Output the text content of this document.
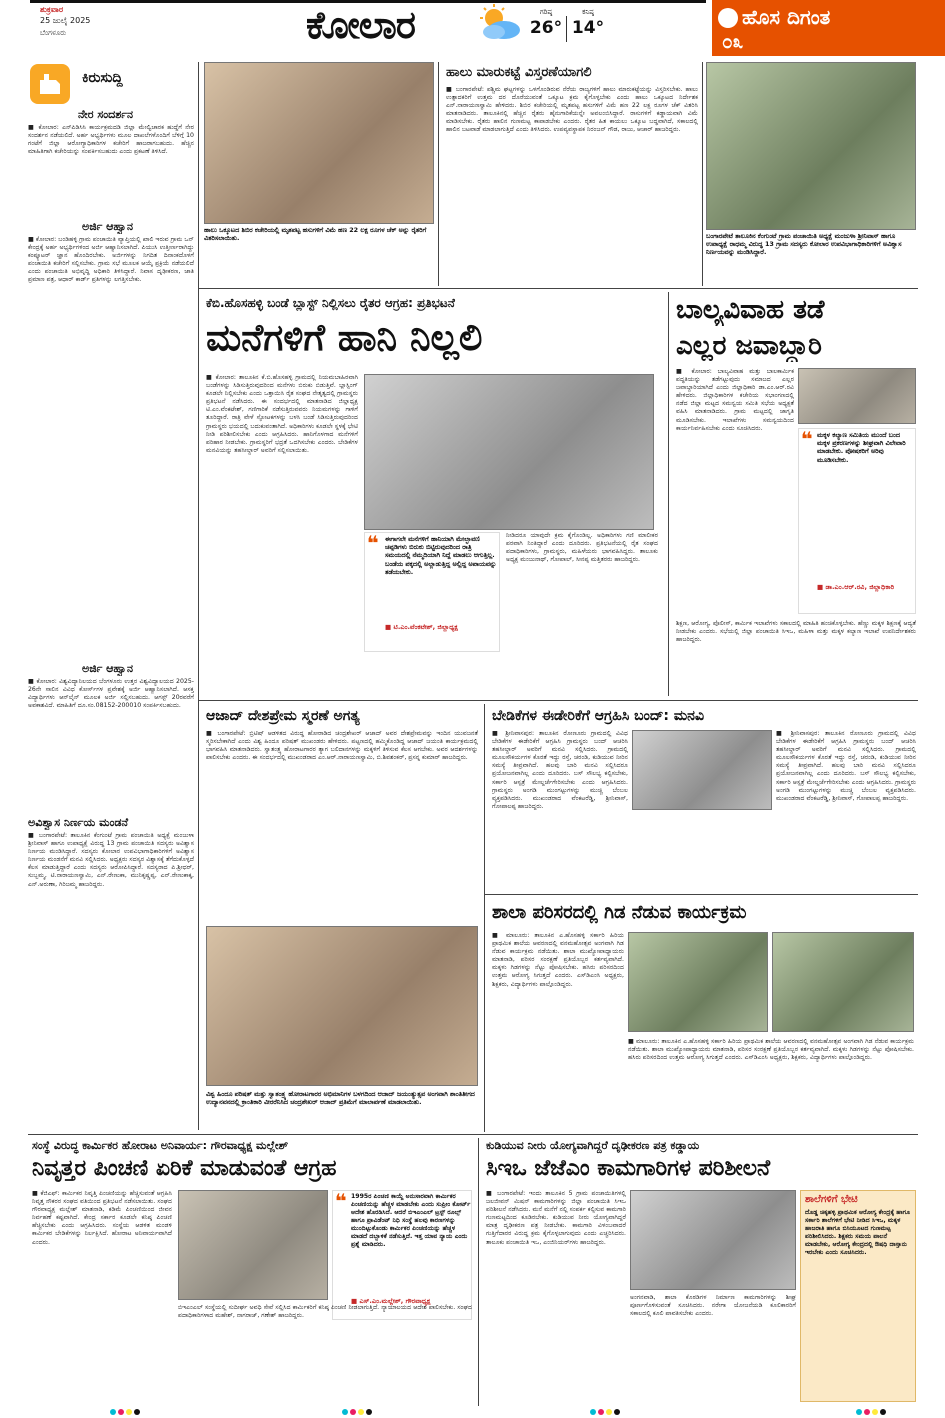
ಶುಕ್ರವಾರ
25 ಜುಲೈ 2025
ಬೆಂಗಳೂರು	ಕೋಲಾರ	ಗರಿಷ್ಠ
26°
ಕನಿಷ್ಠ
14°	ಹೊಸ ದಿಗಂತ
೦೩
ಕಿರುಸುದ್ದಿ
ನೇರ ಸಂದರ್ಶನ
■ ಕೋಲಾರ: ಎನ್‌ಪಿಡಿಸಿಸಿ ಕಾರ್ಯಕ್ರಮದಡಿ ಜಿಲ್ಲಾ ಮೇಲ್ವಿಚಾರಕ ಹುದ್ದೆಗೆ ನೇರ ಸಂದರ್ಶನ ನಡೆಯಲಿದೆ. ಅರ್ಹ ಅಭ್ಯರ್ಥಿಗಳು ಮೂಲ ದಾಖಲೆಗಳೊಂದಿಗೆ ಬೆಳಿಗ್ಗೆ 10 ಗಂಟೆಗೆ ಜಿಲ್ಲಾ ಆರೋಗ್ಯಾಧಿಕಾರಿಗಳ ಕಚೇರಿಗೆ ಹಾಜರಾಗಬಹುದು. ಹೆಚ್ಚಿನ ಮಾಹಿತಿಗಾಗಿ ಕಚೇರಿಯನ್ನು ಸಂಪರ್ಕಿಸಬಹುದು ಎಂದು ಪ್ರಕಟಣೆ ತಿಳಿಸಿದೆ.
ಅರ್ಜಿ ಆಹ್ವಾನ
■ ಕೋಲಾರ: ಬಂಡಿಹಳ್ಳಿ ಗ್ರಾಮ ಪಂಚಾಯಿತಿ ವ್ಯಾಪ್ತಿಯಲ್ಲಿ ಖಾಲಿ ಇರುವ ಗ್ರಾಮ ಒನ್ ಕೇಂದ್ರಕ್ಕೆ ಅರ್ಹ ಅಭ್ಯರ್ಥಿಗಳಿಂದ ಅರ್ಜಿ ಆಹ್ವಾನಿಸಲಾಗಿದೆ. ಪಿಯುಸಿ ಉತ್ತೀರ್ಣರಾಗಿದ್ದು ಕಂಪ್ಯೂಟರ್ ಜ್ಞಾನ ಹೊಂದಿರಬೇಕು. ಅರ್ಜಿಗಳನ್ನು ನಿಗದಿತ ದಿನಾಂಕದೊಳಗೆ ಪಂಚಾಯಿತಿ ಕಚೇರಿಗೆ ಸಲ್ಲಿಸಬೇಕು. ಗ್ರಾಮ ಸಭೆ ಮೂಲಕ ಆಯ್ಕೆ ಪ್ರಕ್ರಿಯೆ ನಡೆಯಲಿದೆ ಎಂದು ಪಂಚಾಯಿತಿ ಅಭಿವೃದ್ಧಿ ಅಧಿಕಾರಿ ತಿಳಿಸಿದ್ದಾರೆ. ನಿವಾಸ ದೃಢೀಕರಣ, ಜಾತಿ ಪ್ರಮಾಣ ಪತ್ರ, ಆಧಾರ್ ಕಾರ್ಡ್ ಪ್ರತಿಗಳನ್ನು ಲಗತ್ತಿಸಬೇಕು.
ಅರ್ಜಿ ಆಹ್ವಾನ
■ ಕೋಲಾರ: ವಿಶ್ವವಿದ್ಯಾನಿಲಯದ ಬೆಂಗಳೂರು ಉತ್ತರ ವಿಶ್ವವಿದ್ಯಾಲಯದ 2025-26ನೇ ಸಾಲಿನ ವಿವಿಧ ಕೋರ್ಸ್‌ಗಳ ಪ್ರವೇಶಕ್ಕೆ ಅರ್ಜಿ ಆಹ್ವಾನಿಸಲಾಗಿದೆ. ಆಸಕ್ತ ವಿದ್ಯಾರ್ಥಿಗಳು ಆನ್‌ಲೈನ್ ಮೂಲಕ ಅರ್ಜಿ ಸಲ್ಲಿಸಬಹುದು. ಆಗಸ್ಟ್ 20ರವರೆಗೆ ಅವಕಾಶವಿದೆ. ಮಾಹಿತಿಗೆ ದೂ.ಸಂ.08152-200010 ಸಂಪರ್ಕಿಸಬಹುದು.
ಅವಿಶ್ವಾಸ ನಿರ್ಣಯ ಮಂಡನೆ
■ ಬಂಗಾರಪೇಟೆ: ತಾಲೂಕಿನ ಕೆಂಗುಂಟೆ ಗ್ರಾಮ ಪಂಚಾಯಿತಿ ಅಧ್ಯಕ್ಷೆ ಮಂಜುಳಾ ಶ್ರೀನಿವಾಸ್ ಹಾಗೂ ಉಪಾಧ್ಯಕ್ಷೆ ವಿರುದ್ಧ 13 ಗ್ರಾಮ ಪಂಚಾಯಿತಿ ಸದಸ್ಯರು ಅವಿಶ್ವಾಸ ನಿರ್ಣಯ ಮಂಡಿಸಿದ್ದಾರೆ. ಸದಸ್ಯರು ಕೋಲಾರ ಉಪವಿಭಾಗಾಧಿಕಾರಿಗಳಿಗೆ ಅವಿಶ್ವಾಸ ನಿರ್ಣಯ ಮಂಡನೆಗೆ ಮನವಿ ಸಲ್ಲಿಸಿದರು. ಅಧ್ಯಕ್ಷರು ಸದಸ್ಯರ ವಿಶ್ವಾಸಕ್ಕೆ ತೆಗೆದುಕೊಳ್ಳದೆ ಕೆಲಸ ಮಾಡುತ್ತಿದ್ದಾರೆ ಎಂದು ಸದಸ್ಯರು ಆರೋಪಿಸಿದ್ದಾರೆ. ಸದಸ್ಯರಾದ ಪಿ.ಶ್ರೀಧರ್, ಸುಬ್ಬಮ್ಮ, ಟಿ.ನಾರಾಯಣಸ್ವಾಮಿ, ಎನ್.ರೇಣುಕಾ, ಮುನಿಕೃಷ್ಣಪ್ಪ, ಎನ್.ರೇಣುಕಾಕ್ಕ, ಎನ್.ಅರುಣಾ, ಗಿರಿಜಮ್ಮ ಹಾಜರಿದ್ದರು.
ಹಾಲು ಒಕ್ಕೂಟದ ಶಿಬಿರ ಕಚೇರಿಯಲ್ಲಿ ಮೃತಪಟ್ಟ ಹಸುಗಳಿಗೆ ವಿಮೆ ಹಣ 22 ಲಕ್ಷ ರೂಗಳ ಚೆಕ್ ಅನ್ನು ರೈತರಿಗೆ ವಿತರಿಸಲಾಯಿತು.
ಹಾಲು ಮಾರುಕಟ್ಟೆ ವಿಸ್ತರಣೆಯಾಗಲಿ
■ ಬಂಗಾರಪೇಟೆ: ಪಶ್ಚಿಮ ಘಟ್ಟಗಳನ್ನು ಒಳಗೊಂಡಿರುವ ನೆರೆಯ ರಾಜ್ಯಗಳಿಗೆ ಹಾಲು ಮಾರುಕಟ್ಟೆಯನ್ನು ವಿಸ್ತರಿಸಬೇಕು. ಹಾಲು ಉತ್ಪಾದಕರಿಗೆ ಉತ್ತಮ ದರ ದೊರೆಯುವಂತೆ ಒಕ್ಕೂಟ ಕ್ರಮ ಕೈಗೊಳ್ಳಬೇಕು ಎಂದು ಹಾಲು ಒಕ್ಕೂಟದ ನಿರ್ದೇಶಕ ಎನ್.ನಾರಾಯಣಸ್ವಾಮಿ ಹೇಳಿದರು. ಶಿಬಿರ ಕಚೇರಿಯಲ್ಲಿ ಮೃತಪಟ್ಟ ಹಸುಗಳಿಗೆ ವಿಮೆ ಹಣ 22 ಲಕ್ಷ ರೂಗಳ ಚೆಕ್ ವಿತರಿಸಿ ಮಾತನಾಡಿದರು. ತಾಲೂಕಿನಲ್ಲಿ ಹೆಚ್ಚಿನ ರೈತರು ಹೈನುಗಾರಿಕೆಯನ್ನೇ ಅವಲಂಬಿಸಿದ್ದಾರೆ. ರಾಸುಗಳಿಗೆ ಕಡ್ಡಾಯವಾಗಿ ವಿಮೆ ಮಾಡಿಸಬೇಕು. ರೈತರು ಹಾಲಿನ ಗುಣಮಟ್ಟ ಕಾಪಾಡಬೇಕು ಎಂದರು. ರೈತರ ಹಿತ ಕಾಯಲು ಒಕ್ಕೂಟ ಬದ್ಧವಾಗಿದೆ, ಸಕಾಲದಲ್ಲಿ ಹಾಲಿನ ಬಟವಾಡೆ ಮಾಡಲಾಗುತ್ತಿದೆ ಎಂದು ತಿಳಿಸಿದರು. ಉಪವ್ಯವಸ್ಥಾಪಕ ನಿರಂಜನ್ ಗೌಡ, ರಾಜು, ಆಚಾರ್ ಹಾಜರಿದ್ದರು.
ಬಂಗಾರಪೇಟೆ ತಾಲೂಕಿನ ಕೆಂಗುಂಟೆ ಗ್ರಾಮ ಪಂಚಾಯಿತಿ ಅಧ್ಯಕ್ಷೆ ಮಂಜುಳಾ ಶ್ರೀನಿವಾಸ್ ಹಾಗೂ ಉಪಾಧ್ಯಕ್ಷೆ ರಾಧಮ್ಮ ವಿರುದ್ಧ 13 ಗ್ರಾಮ ಸದಸ್ಯರು ಕೋಲಾರ ಉಪವಿಭಾಗಾಧಿಕಾರಿಗಳಿಗೆ ಅವಿಶ್ವಾಸ ನಿರ್ಣಯವನ್ನು ಮಂಡಿಸಿದ್ದಾರೆ.
ಕೆಬಿ.ಹೊಸಹಳ್ಳಿ ಬಂಡೆ ಬ್ಲಾಸ್ಟ್ ನಿಲ್ಲಿಸಲು ರೈತರ ಆಗ್ರಹ: ಪ್ರತಿಭಟನೆ
ಮನೆಗಳಿಗೆ ಹಾನಿ ನಿಲ್ಲಲಿ
■ ಕೋಲಾರ: ತಾಲೂಕಿನ ಕೆ.ಬಿ.ಹೊಸಹಳ್ಳಿ ಗ್ರಾಮದಲ್ಲಿ ನಿಯಮಬಾಹಿರವಾಗಿ ಬಂಡೆಗಳನ್ನು ಸಿಡಿಸುತ್ತಿರುವುದರಿಂದ ಮನೆಗಳು ಬಿರುಕು ಬಿಡುತ್ತಿವೆ. ಬ್ಲಾಸ್ಟಿಂಗ್ ಕೂಡಲೇ ನಿಲ್ಲಿಸಬೇಕು ಎಂದು ಒತ್ತಾಯಿಸಿ ರೈತ ಸಂಘದ ನೇತೃತ್ವದಲ್ಲಿ ಗ್ರಾಮಸ್ಥರು ಪ್ರತಿಭಟನೆ ನಡೆಸಿದರು. ಈ ಸಂದರ್ಭದಲ್ಲಿ ಮಾತನಾಡಿದ ಜಿಲ್ಲಾಧ್ಯಕ್ಷ ಟಿ.ಎಂ.ವೆಂಕಟೇಶ್, ಗಣಿಗಾರಿಕೆ ನಡೆಸುತ್ತಿರುವವರು ನಿಯಮಗಳನ್ನು ಗಾಳಿಗೆ ತೂರಿದ್ದಾರೆ. ರಾತ್ರಿ ವೇಳೆ ಸ್ಫೋಟಕಗಳನ್ನು ಬಳಸಿ ಬಂಡೆ ಸಿಡಿಸುತ್ತಿರುವುದರಿಂದ ಗ್ರಾಮಸ್ಥರು ಭಯದಲ್ಲಿ ಬದುಕುವಂತಾಗಿದೆ. ಅಧಿಕಾರಿಗಳು ಕೂಡಲೇ ಸ್ಥಳಕ್ಕೆ ಭೇಟಿ ನೀಡಿ ಪರಿಶೀಲಿಸಬೇಕು ಎಂದು ಆಗ್ರಹಿಸಿದರು. ಹಾನಿಗೊಳಗಾದ ಮನೆಗಳಿಗೆ ಪರಿಹಾರ ನೀಡಬೇಕು. ಗ್ರಾಮಸ್ಥರಿಗೆ ಭದ್ರತೆ ಒದಗಿಸಬೇಕು ಎಂದರು. ಬೇಡಿಕೆಗಳ ಮನವಿಯನ್ನು ತಹಸೀಲ್ದಾರ್ ಅವರಿಗೆ ಸಲ್ಲಿಸಲಾಯಿತು.
❝ ಈಗಾಗಲೇ ಮನೆಗಳಿಗೆ ಹಾನಿಯಾಗಿ ಮೇಲ್ಛಾವಣಿ ಚಪ್ಪಡಿಗಳು ಬಿರುಕು ಬಿಟ್ಟಿರುವುದರಿಂದ ರಾತ್ರಿ ಸಮಯದಲ್ಲಿ ನೆಮ್ಮದಿಯಾಗಿ ನಿದ್ದೆ ಮಾಡಲು ಆಗುತ್ತಿಲ್ಲ. ಬಂಡೆಯ ಪಕ್ಕದಲ್ಲಿ ಅಲ್ಲಾಡುತ್ತಿದ್ದ ಅಲ್ಲಿದ್ದ ಅಪಾಯವನ್ನು ತಡೆಯಬೇಕು.
■ ಟಿ.ಎಂ.ವೆಂಕಟೇಶ್, ಜಿಲ್ಲಾಧ್ಯಕ್ಷ
ನೀಡಿದರೂ ಯಾವುದೇ ಕ್ರಮ ಕೈಗೊಂಡಿಲ್ಲ. ಅಧಿಕಾರಿಗಳು ಗಣಿ ಮಾಲೀಕರ ಪರವಾಗಿ ನಿಂತಿದ್ದಾರೆ ಎಂದು ದೂರಿದರು. ಪ್ರತಿಭಟನೆಯಲ್ಲಿ ರೈತ ಸಂಘದ ಪದಾಧಿಕಾರಿಗಳು, ಗ್ರಾಮಸ್ಥರು, ಮಹಿಳೆಯರು ಭಾಗವಹಿಸಿದ್ದರು. ತಾಲೂಕು ಅಧ್ಯಕ್ಷ ಮಂಜುನಾಥ್, ಗೋಪಾಲ್, ಸೀನಪ್ಪ ಮತ್ತಿತರರು ಹಾಜರಿದ್ದರು.
ಬಾಲ್ಯವಿವಾಹ ತಡೆ
ಎಲ್ಲರ ಜವಾಬ್ದಾರಿ
■ ಕೋಲಾರ: ಬಾಲ್ಯವಿವಾಹ ಮತ್ತು ಬಾಲಕಾರ್ಮಿಕ ಪದ್ಧತಿಯನ್ನು ತಡೆಗಟ್ಟುವುದು ಸಮಾಜದ ಎಲ್ಲರ ಜವಾಬ್ದಾರಿಯಾಗಿದೆ ಎಂದು ಜಿಲ್ಲಾಧಿಕಾರಿ ಡಾ.ಎಂ.ಆರ್.ರವಿ ಹೇಳಿದರು. ಜಿಲ್ಲಾಧಿಕಾರಿಗಳ ಕಚೇರಿಯ ಸಭಾಂಗಣದಲ್ಲಿ ನಡೆದ ಜಿಲ್ಲಾ ಮಟ್ಟದ ಸಮನ್ವಯ ಸಮಿತಿ ಸಭೆಯ ಅಧ್ಯಕ್ಷತೆ ವಹಿಸಿ ಮಾತನಾಡಿದರು. ಗ್ರಾಮ ಮಟ್ಟದಲ್ಲಿ ಜಾಗೃತಿ ಮೂಡಿಸಬೇಕು. ಇಲಾಖೆಗಳು ಸಮನ್ವಯದಿಂದ ಕಾರ್ಯನಿರ್ವಹಿಸಬೇಕು ಎಂದು ಸೂಚಿಸಿದರು.	❝ ಮಕ್ಕಳ ಕಲ್ಯಾಣ ಸಮಿತಿಯ ಮುಂದೆ ಬಂದ ಮಕ್ಕಳ ಪ್ರಕರಣಗಳನ್ನು ಶೀಘ್ರವಾಗಿ ವಿಲೇವಾರಿ ಮಾಡಬೇಕು. ಪೋಷಕರಿಗೆ ಅರಿವು ಮೂಡಿಸಬೇಕು.
■ ಡಾ.ಎಂ.ಆರ್.ರವಿ, ಜಿಲ್ಲಾಧಿಕಾರಿ
ಶಿಕ್ಷಣ, ಆರೋಗ್ಯ, ಪೊಲೀಸ್, ಕಾರ್ಮಿಕ ಇಲಾಖೆಗಳು ಸಕಾಲದಲ್ಲಿ ಮಾಹಿತಿ ಹಂಚಿಕೊಳ್ಳಬೇಕು. ಹೆಣ್ಣು ಮಕ್ಕಳ ಶಿಕ್ಷಣಕ್ಕೆ ಆದ್ಯತೆ ನೀಡಬೇಕು ಎಂದರು. ಸಭೆಯಲ್ಲಿ ಜಿಲ್ಲಾ ಪಂಚಾಯಿತಿ ಸಿಇಒ, ಮಹಿಳಾ ಮತ್ತು ಮಕ್ಕಳ ಕಲ್ಯಾಣ ಇಲಾಖೆ ಉಪನಿರ್ದೇಶಕರು ಹಾಜರಿದ್ದರು.
ಆಜಾದ್ ದೇಶಪ್ರೇಮ ಸ್ಮರಣೆ ಅಗತ್ಯ
■ ಬಂಗಾರಪೇಟೆ: ಬ್ರಿಟಿಷ್ ಆಡಳಿತದ ವಿರುದ್ಧ ಹೋರಾಡಿದ ಚಂದ್ರಶೇಖರ್ ಆಜಾದ್ ಅವರ ದೇಶಪ್ರೇಮವನ್ನು ಇಂದಿನ ಯುವಜನತೆ ಸ್ಮರಿಸಬೇಕಾಗಿದೆ ಎಂದು ವಿಶ್ವ ಹಿಂದೂ ಪರಿಷತ್ ಮುಖಂಡರು ಹೇಳಿದರು. ಪಟ್ಟಣದಲ್ಲಿ ಹಮ್ಮಿಕೊಂಡಿದ್ದ ಆಜಾದ್ ಜಯಂತಿ ಕಾರ್ಯಕ್ರಮದಲ್ಲಿ ಭಾಗವಹಿಸಿ ಮಾತನಾಡಿದರು. ಸ್ವಾತಂತ್ರ್ಯ ಹೋರಾಟಗಾರರ ತ್ಯಾಗ ಬಲಿದಾನಗಳನ್ನು ಮಕ್ಕಳಿಗೆ ತಿಳಿಸುವ ಕೆಲಸ ಆಗಬೇಕು. ಅವರ ಆದರ್ಶಗಳನ್ನು ಪಾಲಿಸಬೇಕು ಎಂದರು. ಈ ಸಂದರ್ಭದಲ್ಲಿ ಮುಖಂಡರಾದ ಎಂ.ಆರ್.ನಾರಾಯಣಸ್ವಾಮಿ, ಬಿ.ಶಿವಶಂಕರ್, ಪ್ರಸನ್ನ ಕುಮಾರ್ ಹಾಜರಿದ್ದರು.
ವಿಶ್ವ ಹಿಂದೂ ಪರಿಷತ್ ಮತ್ತು ಸ್ವಾತಂತ್ರ್ಯ ಹೋರಾಟಗಾರರ ಅಭಿಮಾನಿಗಳ ಬಳಗದಿಂದ ಆಜಾದ್ ಜಯಂತ್ಯುತ್ಸವ ಅಂಗವಾಗಿ ಶಾಂತಿತೀಗದ ಉದ್ಯಾನವನದಲ್ಲಿ ಕ್ರಾಂತಿಕಾರಿ ವೀರರೆನಿಸಿದ ಚಂದ್ರಶೇಖರ್ ಆಜಾದ್ ಪ್ರತಿಮೆಗೆ ಮಾಲಾರ್ಪಣೆ ಮಾಡಲಾಯಿತು.
ಬೇಡಿಕೆಗಳ ಈಡೇರಿಕೆಗೆ ಆಗ್ರಹಿಸಿ ಬಂದ್: ಮನವಿ
■ ಶ್ರೀನಿವಾಸಪುರ: ತಾಲೂಕಿನ ರೋಣೂರು ಗ್ರಾಮದಲ್ಲಿ ವಿವಿಧ ಬೇಡಿಕೆಗಳ ಈಡೇರಿಕೆಗೆ ಆಗ್ರಹಿಸಿ ಗ್ರಾಮಸ್ಥರು ಬಂದ್ ಆಚರಿಸಿ ತಹಸೀಲ್ದಾರ್ ಅವರಿಗೆ ಮನವಿ ಸಲ್ಲಿಸಿದರು. ಗ್ರಾಮದಲ್ಲಿ ಮೂಲಸೌಕರ್ಯಗಳ ಕೊರತೆ ಇದ್ದು ರಸ್ತೆ, ಚರಂಡಿ, ಕುಡಿಯುವ ನೀರಿನ ಸಮಸ್ಯೆ ತೀವ್ರವಾಗಿದೆ. ಹಲವು ಬಾರಿ ಮನವಿ ಸಲ್ಲಿಸಿದರೂ ಪ್ರಯೋಜನವಾಗಿಲ್ಲ ಎಂದು ದೂರಿದರು. ಬಸ್ ಸೌಲಭ್ಯ ಕಲ್ಪಿಸಬೇಕು, ಸರ್ಕಾರಿ ಆಸ್ಪತ್ರೆ ಮೇಲ್ದರ್ಜೆಗೇರಿಸಬೇಕು ಎಂದು ಆಗ್ರಹಿಸಿದರು. ಗ್ರಾಮಸ್ಥರು ಅಂಗಡಿ ಮುಂಗಟ್ಟುಗಳನ್ನು ಮುಚ್ಚಿ ಬೆಂಬಲ ವ್ಯಕ್ತಪಡಿಸಿದರು. ಮುಖಂಡರಾದ ವೆಂಕಟರೆಡ್ಡಿ, ಶ್ರೀನಿವಾಸ್, ಗೋಪಾಲಪ್ಪ ಹಾಜರಿದ್ದರು.
■ ಶ್ರೀನಿವಾಸಪುರ: ತಾಲೂಕಿನ ರೋಣೂರು ಗ್ರಾಮದಲ್ಲಿ ವಿವಿಧ ಬೇಡಿಕೆಗಳ ಈಡೇರಿಕೆಗೆ ಆಗ್ರಹಿಸಿ ಗ್ರಾಮಸ್ಥರು ಬಂದ್ ಆಚರಿಸಿ ತಹಸೀಲ್ದಾರ್ ಅವರಿಗೆ ಮನವಿ ಸಲ್ಲಿಸಿದರು. ಗ್ರಾಮದಲ್ಲಿ ಮೂಲಸೌಕರ್ಯಗಳ ಕೊರತೆ ಇದ್ದು ರಸ್ತೆ, ಚರಂಡಿ, ಕುಡಿಯುವ ನೀರಿನ ಸಮಸ್ಯೆ ತೀವ್ರವಾಗಿದೆ. ಹಲವು ಬಾರಿ ಮನವಿ ಸಲ್ಲಿಸಿದರೂ ಪ್ರಯೋಜನವಾಗಿಲ್ಲ ಎಂದು ದೂರಿದರು. ಬಸ್ ಸೌಲಭ್ಯ ಕಲ್ಪಿಸಬೇಕು, ಸರ್ಕಾರಿ ಆಸ್ಪತ್ರೆ ಮೇಲ್ದರ್ಜೆಗೇರಿಸಬೇಕು ಎಂದು ಆಗ್ರಹಿಸಿದರು. ಗ್ರಾಮಸ್ಥರು ಅಂಗಡಿ ಮುಂಗಟ್ಟುಗಳನ್ನು ಮುಚ್ಚಿ ಬೆಂಬಲ ವ್ಯಕ್ತಪಡಿಸಿದರು. ಮುಖಂಡರಾದ ವೆಂಕಟರೆಡ್ಡಿ, ಶ್ರೀನಿವಾಸ್, ಗೋಪಾಲಪ್ಪ ಹಾಜರಿದ್ದರು.
ಶಾಲಾ ಪರಿಸರದಲ್ಲಿ ಗಿಡ ನೆಡುವ ಕಾರ್ಯಕ್ರಮ
■ ಮಾಲೂರು: ತಾಲೂಕಿನ ಎ.ಹೊಸಹಳ್ಳಿ ಸರ್ಕಾರಿ ಹಿರಿಯ ಪ್ರಾಥಮಿಕ ಶಾಲೆಯ ಆವರಣದಲ್ಲಿ ವನಮಹೋತ್ಸವ ಅಂಗವಾಗಿ ಗಿಡ ನೆಡುವ ಕಾರ್ಯಕ್ರಮ ನಡೆಯಿತು. ಶಾಲಾ ಮುಖ್ಯೋಪಾಧ್ಯಾಯರು ಮಾತನಾಡಿ, ಪರಿಸರ ಸಂರಕ್ಷಣೆ ಪ್ರತಿಯೊಬ್ಬರ ಕರ್ತವ್ಯವಾಗಿದೆ. ಮಕ್ಕಳು ಗಿಡಗಳನ್ನು ನೆಟ್ಟು ಪೋಷಿಸಬೇಕು. ಹಸಿರು ಪರಿಸರದಿಂದ ಉತ್ತಮ ಆರೋಗ್ಯ ಸಿಗುತ್ತದೆ ಎಂದರು. ಎಸ್‌ಡಿಎಂಸಿ ಅಧ್ಯಕ್ಷರು, ಶಿಕ್ಷಕರು, ವಿದ್ಯಾರ್ಥಿಗಳು ಪಾಲ್ಗೊಂಡಿದ್ದರು.
■ ಮಾಲೂರು: ತಾಲೂಕಿನ ಎ.ಹೊಸಹಳ್ಳಿ ಸರ್ಕಾರಿ ಹಿರಿಯ ಪ್ರಾಥಮಿಕ ಶಾಲೆಯ ಆವರಣದಲ್ಲಿ ವನಮಹೋತ್ಸವ ಅಂಗವಾಗಿ ಗಿಡ ನೆಡುವ ಕಾರ್ಯಕ್ರಮ ನಡೆಯಿತು. ಶಾಲಾ ಮುಖ್ಯೋಪಾಧ್ಯಾಯರು ಮಾತನಾಡಿ, ಪರಿಸರ ಸಂರಕ್ಷಣೆ ಪ್ರತಿಯೊಬ್ಬರ ಕರ್ತವ್ಯವಾಗಿದೆ. ಮಕ್ಕಳು ಗಿಡಗಳನ್ನು ನೆಟ್ಟು ಪೋಷಿಸಬೇಕು. ಹಸಿರು ಪರಿಸರದಿಂದ ಉತ್ತಮ ಆರೋಗ್ಯ ಸಿಗುತ್ತದೆ ಎಂದರು. ಎಸ್‌ಡಿಎಂಸಿ ಅಧ್ಯಕ್ಷರು, ಶಿಕ್ಷಕರು, ವಿದ್ಯಾರ್ಥಿಗಳು ಪಾಲ್ಗೊಂಡಿದ್ದರು.
ಸಂಸ್ಥೆ ವಿರುದ್ಧ ಕಾರ್ಮಿಕರ ಹೋರಾಟ ಅನಿವಾರ್ಯ: ಗೌರವಾಧ್ಯಕ್ಷ ಮಲ್ಲೇಶ್
ನಿವೃತ್ತರ ಪಿಂಚಣಿ ಏರಿಕೆ ಮಾಡುವಂತೆ ಆಗ್ರಹ
■ ಕೆಜಿಎಫ್: ಕಾರ್ಮಿಕರ ನಿವೃತ್ತಿ ಪಿಂಚಣಿಯನ್ನು ಹೆಚ್ಚಿಸುವಂತೆ ಆಗ್ರಹಿಸಿ ನಿವೃತ್ತ ನೌಕರರ ಸಂಘದ ವತಿಯಿಂದ ಪ್ರತಿಭಟನೆ ನಡೆಸಲಾಯಿತು. ಸಂಘದ ಗೌರವಾಧ್ಯಕ್ಷ ಮಲ್ಲೇಶ್ ಮಾತನಾಡಿ, ಕಡಿಮೆ ಪಿಂಚಣಿಯಿಂದ ಜೀವನ ನಿರ್ವಹಣೆ ಕಷ್ಟವಾಗಿದೆ. ಕೇಂದ್ರ ಸರ್ಕಾರ ಕೂಡಲೇ ಕನಿಷ್ಠ ಪಿಂಚಣಿ ಹೆಚ್ಚಿಸಬೇಕು ಎಂದು ಆಗ್ರಹಿಸಿದರು. ಸಂಸ್ಥೆಯ ಆಡಳಿತ ಮಂಡಳಿ ಕಾರ್ಮಿಕರ ಬೇಡಿಕೆಗಳನ್ನು ನಿರ್ಲಕ್ಷಿಸಿದೆ. ಹೋರಾಟ ಅನಿವಾರ್ಯವಾಗಿದೆ ಎಂದರು.
❝ 1995ರ ಪಿಂಚಣಿ ಕಾಯ್ದೆ ಅನುಸಾರವಾಗಿ ಕಾರ್ಮಿಕರ ಪಿಂಚಣಿಯನ್ನು ಹೆಚ್ಚಳ ಮಾಡಬೇಕು ಎಂದು ಸುಪ್ರೀಂ ಕೋರ್ಟ್ ಆದೇಶ ಹೊರಡಿಸಿದೆ. ಆದರೆ ಬಿಇಎಂಎಲ್ ಟ್ರಸ್ಟ್ ರೂಲ್ಸ್ ಹಾಗೂ ಪ್ರಾವಿಡೆಂಟ್ ನಿಧಿ ಸಂಸ್ಥೆ ಹಲವು ಕಾರಣಗಳನ್ನು ಮುಂದಿಟ್ಟುಕೊಂಡು ಕಾರ್ಮಿಕರ ಪಿಂಚಣಿಯನ್ನು ಹೆಚ್ಚಳ ಮಾಡದೆ ದಬ್ಬಾಳಿಕೆ ನಡೆಸುತ್ತಿದೆ. ಇತ್ತ ಯಾವ ನ್ಯಾಯ ಎಂದು ಪ್ರಶ್ನೆ ಮಾಡಿದರು.
■ ಎಸ್.ಎಂ.ಮಲ್ಲೇಶ್, ಗೌರವಾಧ್ಯಕ್ಷ
ಬಿಇಎಂಎಲ್ ಸಂಸ್ಥೆಯಲ್ಲಿ ಸುದೀರ್ಘ ಅವಧಿ ಸೇವೆ ಸಲ್ಲಿಸಿದ ಕಾರ್ಮಿಕರಿಗೆ ಕನಿಷ್ಠ ಪಿಂಚಣಿ ನೀಡಲಾಗುತ್ತಿದೆ. ನ್ಯಾಯಾಲಯದ ಆದೇಶ ಪಾಲಿಸಬೇಕು. ಸಂಘದ ಪದಾಧಿಕಾರಿಗಳಾದ ಮಹೇಶ್, ನಾಗರಾಜ್, ಗಣೇಶ್ ಹಾಜರಿದ್ದರು.
ಕುಡಿಯುವ ನೀರು ಯೋಗ್ಯವಾಗಿದ್ದರೆ ದೃಢೀಕರಣ ಪತ್ರ ಕಡ್ಡಾಯ
ಸಿಇಒ ಜೆಜೆಎಂ ಕಾಮಗಾರಿಗಳ ಪರಿಶೀಲನೆ
■ ಬಂಗಾರಪೇಟೆ: ಇಂದು ತಾಲೂಕಿನ 5 ಗ್ರಾಮ ಪಂಚಾಯಿತಿಗಳಲ್ಲಿ ಜಲಜೀವನ್ ಮಿಷನ್ ಕಾಮಗಾರಿಗಳನ್ನು ಜಿಲ್ಲಾ ಪಂಚಾಯಿತಿ ಸಿಇಒ ಪರಿಶೀಲನೆ ನಡೆಸಿದರು. ಮನೆ ಮನೆಗೆ ನಲ್ಲಿ ಸಂಪರ್ಕ ಕಲ್ಪಿಸುವ ಕಾಮಗಾರಿ ಗುಣಮಟ್ಟದಿಂದ ಕೂಡಿರಬೇಕು. ಕುಡಿಯುವ ನೀರು ಯೋಗ್ಯವಾಗಿದ್ದರೆ ಮಾತ್ರ ದೃಢೀಕರಣ ಪತ್ರ ನೀಡಬೇಕು. ಕಾಮಗಾರಿ ವಿಳಂಬವಾದರೆ ಗುತ್ತಿಗೆದಾರರ ವಿರುದ್ಧ ಕ್ರಮ ಕೈಗೊಳ್ಳಲಾಗುವುದು ಎಂದು ಎಚ್ಚರಿಸಿದರು. ತಾಲೂಕು ಪಂಚಾಯಿತಿ ಇಒ, ಎಂಜಿನಿಯರ್‌ಗಳು ಹಾಜರಿದ್ದರು.
ಶಾಲೆಗಳಿಗೆ ಭೇಟಿ
ದೊಡ್ಡ ಚಿಕ್ಕಹಳ್ಳಿ ಪ್ರಾಥಮಿಕ ಆರೋಗ್ಯ ಕೇಂದ್ರಕ್ಕೆ ಹಾಗೂ ಸರ್ಕಾರಿ ಶಾಲೆಗಳಿಗೆ ಭೇಟಿ ನೀಡಿದ ಸಿಇಒ, ಮಕ್ಕಳ ಹಾಜರಾತಿ ಹಾಗೂ ಬಿಸಿಯೂಟದ ಗುಣಮಟ್ಟ ಪರಿಶೀಲಿಸಿದರು. ಶಿಕ್ಷಕರು ಸಮಯ ಪಾಲನೆ ಮಾಡಬೇಕು, ಆರೋಗ್ಯ ಕೇಂದ್ರದಲ್ಲಿ ಔಷಧಿ ದಾಸ್ತಾನು ಇರಬೇಕು ಎಂದು ಸೂಚಿಸಿದರು.
ಅಂಗನವಾಡಿ, ಶಾಲಾ ಕೊಠಡಿಗಳ ನಿರ್ಮಾಣ ಕಾಮಗಾರಿಗಳನ್ನು ಶೀಘ್ರ ಪೂರ್ಣಗೊಳಿಸುವಂತೆ ಸೂಚಿಸಿದರು. ನರೇಗಾ ಯೋಜನೆಯಡಿ ಕೂಲಿಕಾರರಿಗೆ ಸಕಾಲದಲ್ಲಿ ಕೂಲಿ ಪಾವತಿಸಬೇಕು ಎಂದರು.
